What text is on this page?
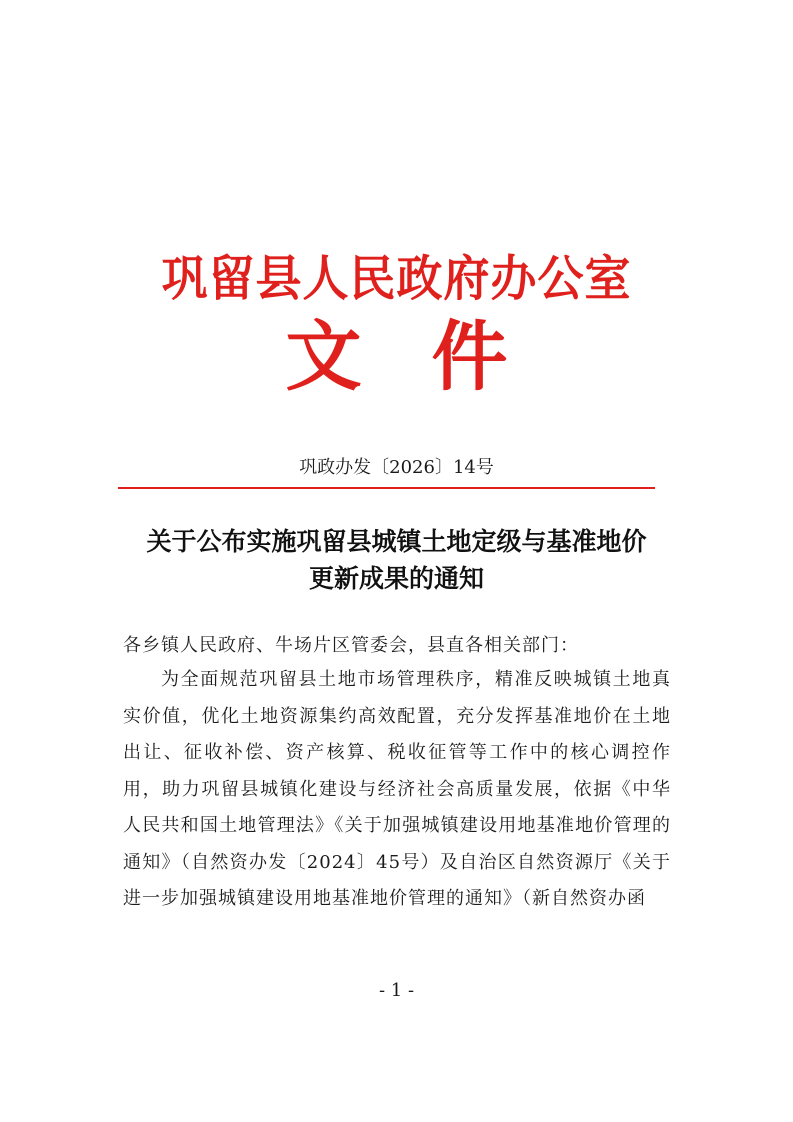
巩留县人民政府办公室
文件
巩政办发〔2026〕14号
关于公布实施巩留县城镇土地定级与基准地价
更新成果的通知
各乡镇人民政府、牛场片区管委会，县直各相关部门：
为全面规范巩留县土地市场管理秩序，精准反映城镇土地真实价值，优化土地资源集约高效配置，充分发挥基准地价在土地出让、征收补偿、资产核算、税收征管等工作中的核心调控作用，助力巩留县城镇化建设与经济社会高质量发展，依据《中华人民共和国土地管理法》《关于加强城镇建设用地基准地价管理的通知》（自然资办发〔2024〕45号）及自治区自然资源厅《关于进一步加强城镇建设用地基准地价管理的通知》（新自然资办函
- 1 -
